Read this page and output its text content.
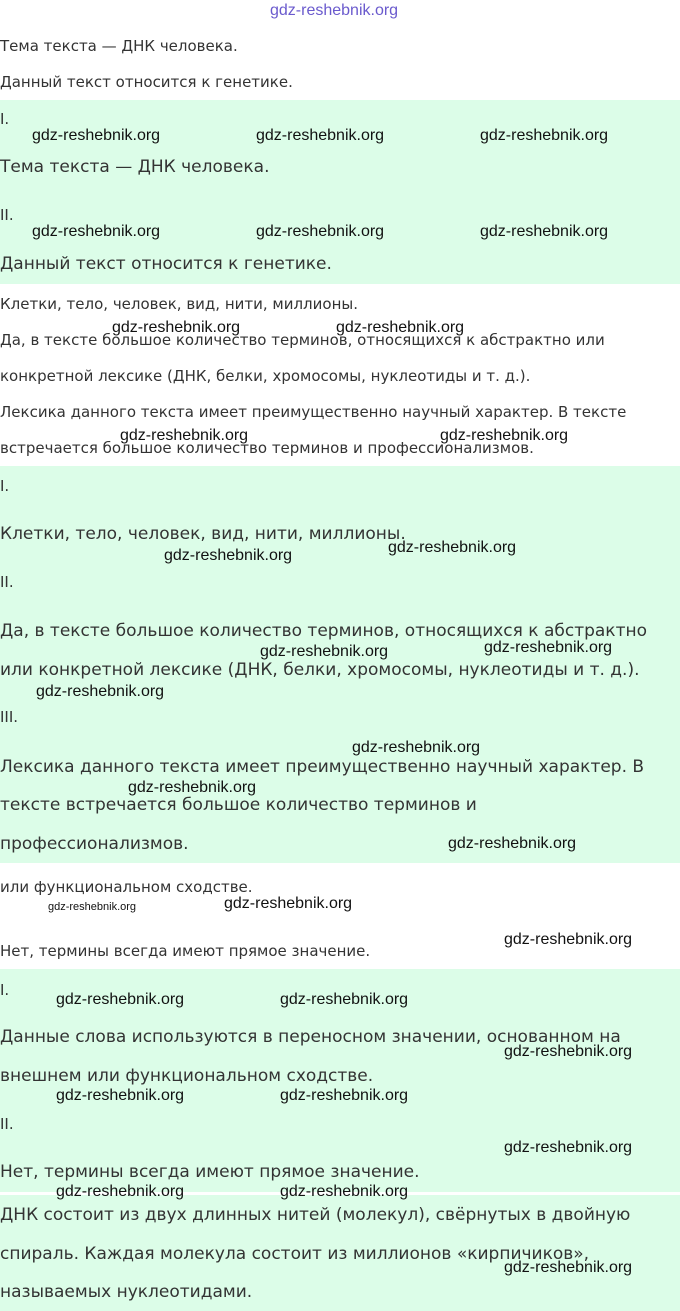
Тема текста — ДНК человека.
Данный текст относится к генетике.
I.
Тема текста — ДНК человека.
II.
Данный текст относится к генетике.
Клетки, тело, человек, вид, нити, миллионы.
Да, в тексте большое количество терминов, относящихся к абстрактно или
конкретной лексике (ДНК, белки, хромосомы, нуклеотиды и т. д.).
Лексика данного текста имеет преимущественно научный характер. В тексте
встречается большое количество терминов и профессионализмов.
I.
Клетки, тело, человек, вид, нити, миллионы.
II.
Да, в тексте большое количество терминов, относящихся к абстрактно
или конкретной лексике (ДНК, белки, хромосомы, нуклеотиды и т. д.).
III.
Лексика данного текста имеет преимущественно научный характер. В
тексте встречается большое количество терминов и
профессионализмов.
или функциональном сходстве.
Нет, термины всегда имеют прямое значение.
I.
Данные слова используются в переносном значении, основанном на
внешнем или функциональном сходстве.
II.
Нет, термины всегда имеют прямое значение.
ДНК состоит из двух длинных нитей (молекул), свёрнутых в двойную
спираль. Каждая молекула состоит из миллионов «кирпичиков»,
называемых нуклеотидами.
gdz-reshebnik.org
gdz-reshebnik.org	gdz-reshebnik.org	gdz-reshebnik.org
gdz-reshebnik.org	gdz-reshebnik.org	gdz-reshebnik.org
gdz-reshebnik.org	gdz-reshebnik.org
gdz-reshebnik.org	gdz-reshebnik.org
gdz-reshebnik.org
gdz-reshebnik.org
gdz-reshebnik.org
gdz-reshebnik.org
gdz-reshebnik.org
gdz-reshebnik.org
gdz-reshebnik.org
gdz-reshebnik.org
gdz-reshebnik.org	gdz-reshebnik.org
gdz-reshebnik.org
gdz-reshebnik.org	gdz-reshebnik.org
gdz-reshebnik.org
gdz-reshebnik.org	gdz-reshebnik.org
gdz-reshebnik.org
gdz-reshebnik.org	gdz-reshebnik.org
gdz-reshebnik.org
